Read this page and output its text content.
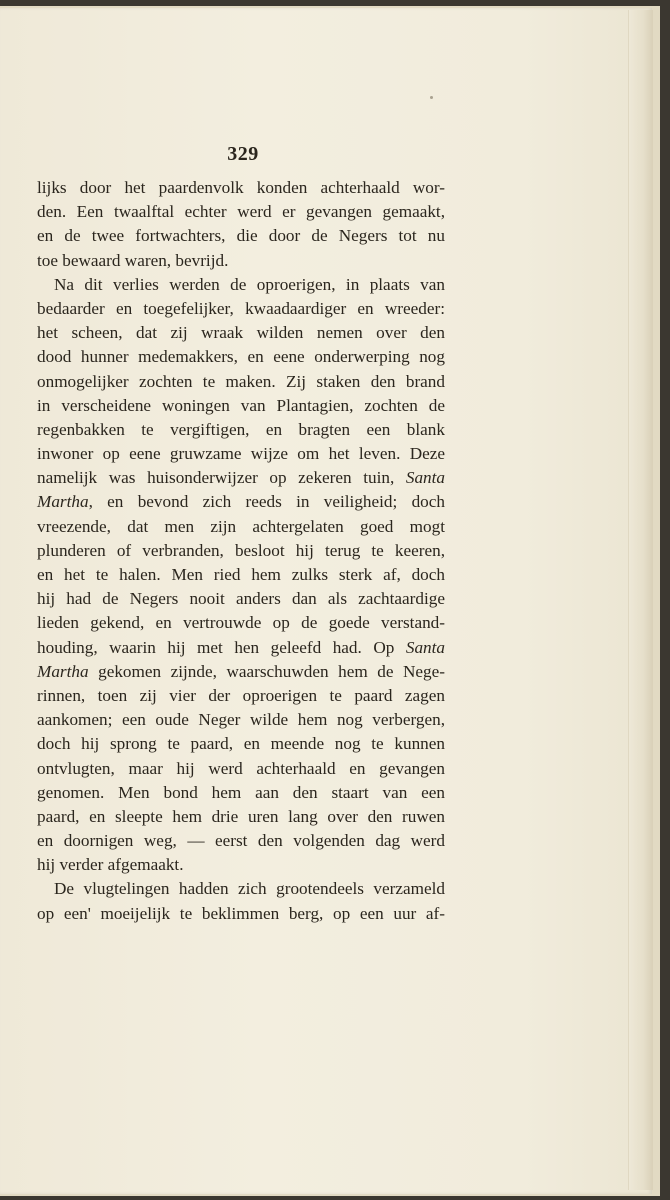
329
lijks door het paardenvolk konden achterhaald wor-
den. Een twaalftal echter werd er gevangen gemaakt,
en de twee fortwachters, die door de Negers tot nu
toe bewaard waren, bevrijd.
Na dit verlies werden de oproerigen, in plaats van
bedaarder en toegefelijker, kwaadaardiger en wreeder:
het scheen, dat zij wraak wilden nemen over den
dood hunner medemakkers, en eene onderwerping nog
onmogelijker zochten te maken. Zij staken den brand
in verscheidene woningen van Plantagien, zochten de
regenbakken te vergiftigen, en bragten een blank
inwoner op eene gruwzame wijze om het leven. Deze
namelijk was huisonderwijzer op zekeren tuin, Santa
Martha, en bevond zich reeds in veiligheid; doch
vreezende, dat men zijn achtergelaten goed mogt
plunderen of verbranden, besloot hij terug te keeren,
en het te halen. Men ried hem zulks sterk af, doch
hij had de Negers nooit anders dan als zachtaardige
lieden gekend, en vertrouwde op de goede verstand-
houding, waarin hij met hen geleefd had. Op Santa
Martha gekomen zijnde, waarschuwden hem de Nege-
rinnen, toen zij vier der oproerigen te paard zagen
aankomen; een oude Neger wilde hem nog verbergen,
doch hij sprong te paard, en meende nog te kunnen
ontvlugten, maar hij werd achterhaald en gevangen
genomen. Men bond hem aan den staart van een
paard, en sleepte hem drie uren lang over den ruwen
en doornigen weg, — eerst den volgenden dag werd
hij verder afgemaakt.
De vlugtelingen hadden zich grootendeels verzameld
op een' moeijelijk te beklimmen berg, op een uur af-
